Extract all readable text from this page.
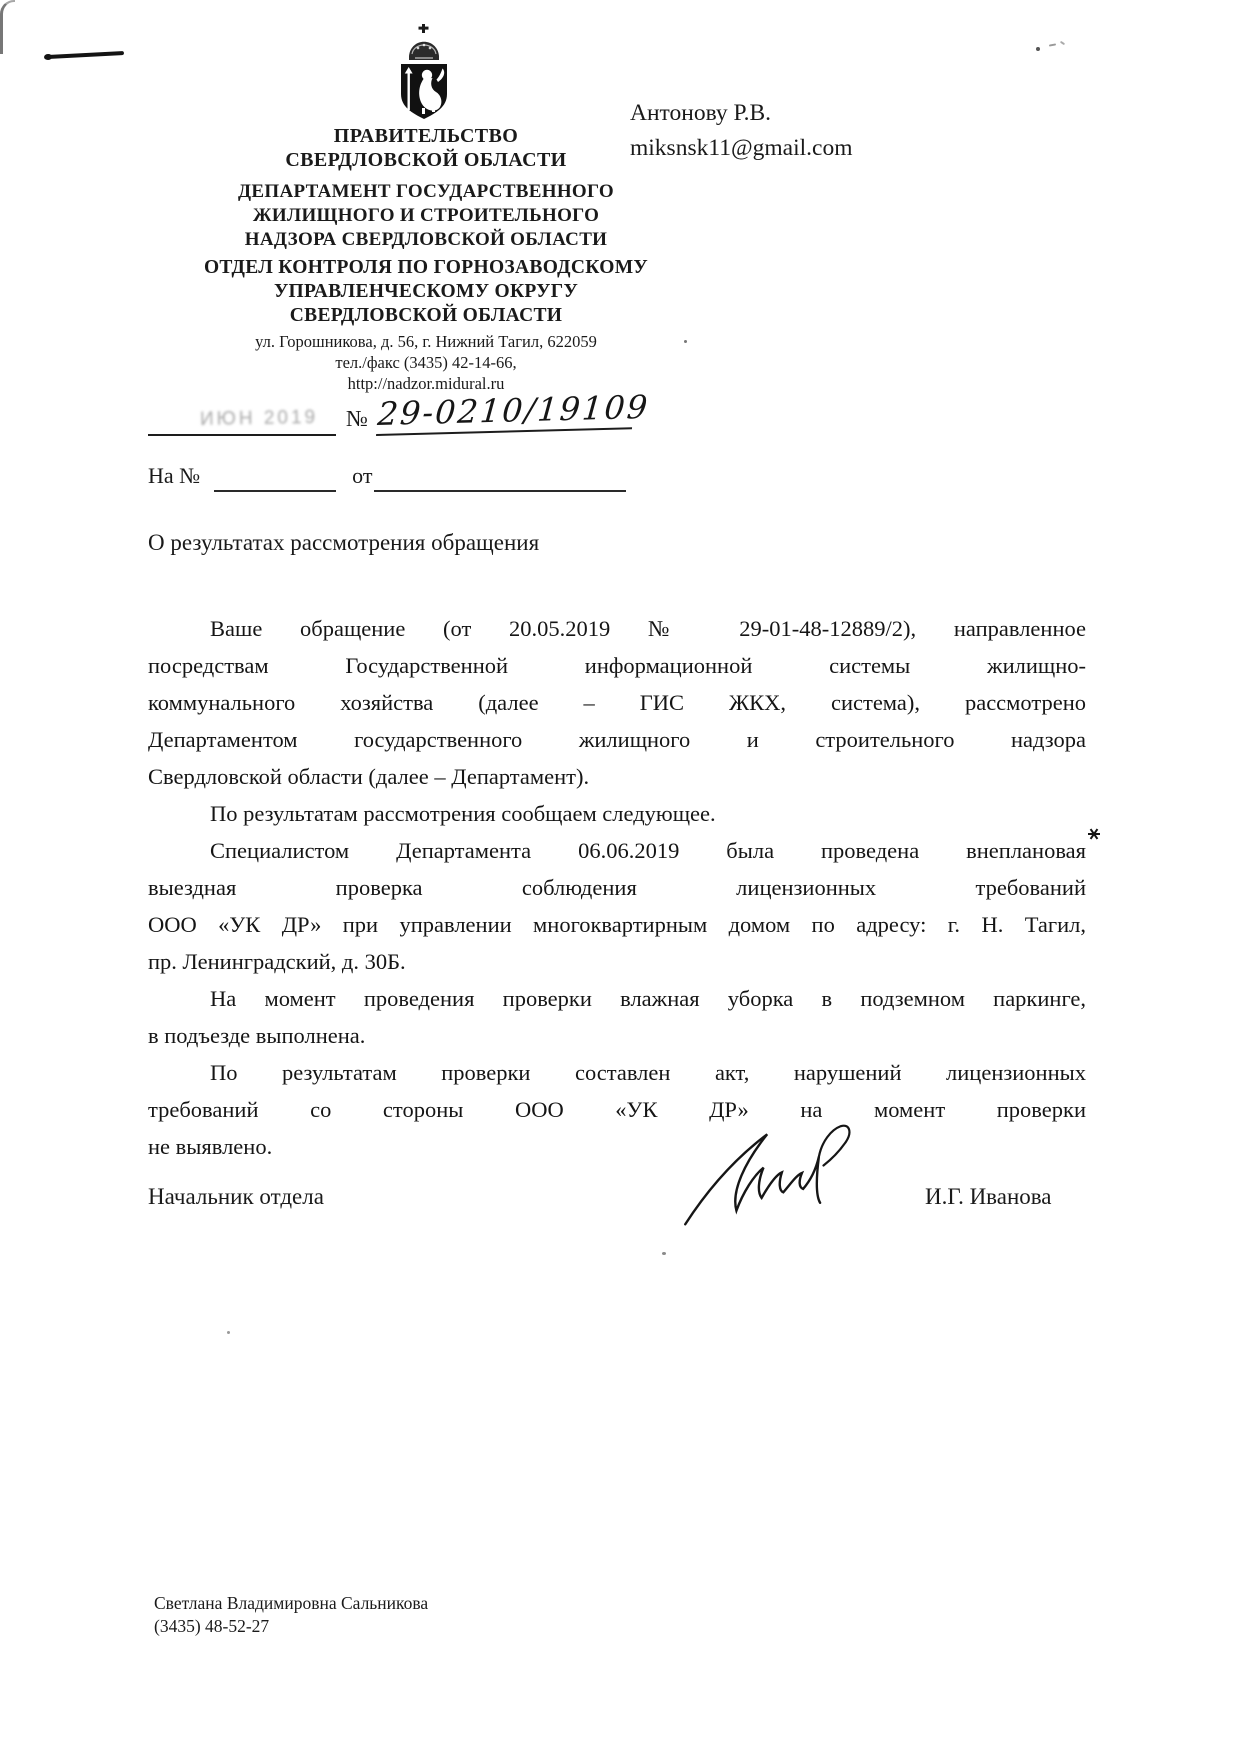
ПРАВИТЕЛЬСТВО
СВЕРДЛОВСКОЙ ОБЛАСТИ
ДЕПАРТАМЕНТ ГОСУДАРСТВЕННОГО
ЖИЛИЩНОГО И СТРОИТЕЛЬНОГО
НАДЗОРА СВЕРДЛОВСКОЙ ОБЛАСТИ
ОТДЕЛ КОНТРОЛЯ ПО ГОРНОЗАВОДСКОМУ
УПРАВЛЕНЧЕСКОМУ ОКРУГУ
СВЕРДЛОВСКОЙ ОБЛАСТИ
ул. Горошникова, д. 56, г. Нижний Тагил, 622059
тел./факс (3435) 42-14-66,
http://nadzor.midural.ru
Антонову Р.В.
miksnsk11@gmail.com
ИЮН 2019 № 29-0210/19109
На №	от
О результатах рассмотрения обращения
Ваше обращение (от 20.05.2019 № 29-01-48-12889/2), направленное
посредствам Государственной информационной системы жилищно-
коммунального хозяйства (далее – ГИС ЖКХ, система), рассмотрено
Департаментом государственного жилищного и строительного надзора
Свердловской области (далее – Департамент).
По результатам рассмотрения сообщаем следующее.
Специалистом Департамента 06.06.2019 была проведена внеплановая
выездная проверка соблюдения лицензионных требований
ООО «УК ДР» при управлении многоквартирным домом по адресу: г. Н. Тагил,
пр. Ленинградский, д. 30Б.
На момент проведения проверки влажная уборка в подземном паркинге,
в подъезде выполнена.
По результатам проверки составлен акт, нарушений лицензионных
требований со стороны ООО «УК ДР» на момент проверки
не выявлено.
Начальник отдела	И.Г. Иванова
Светлана Владимировна Сальникова
(3435) 48-52-27
